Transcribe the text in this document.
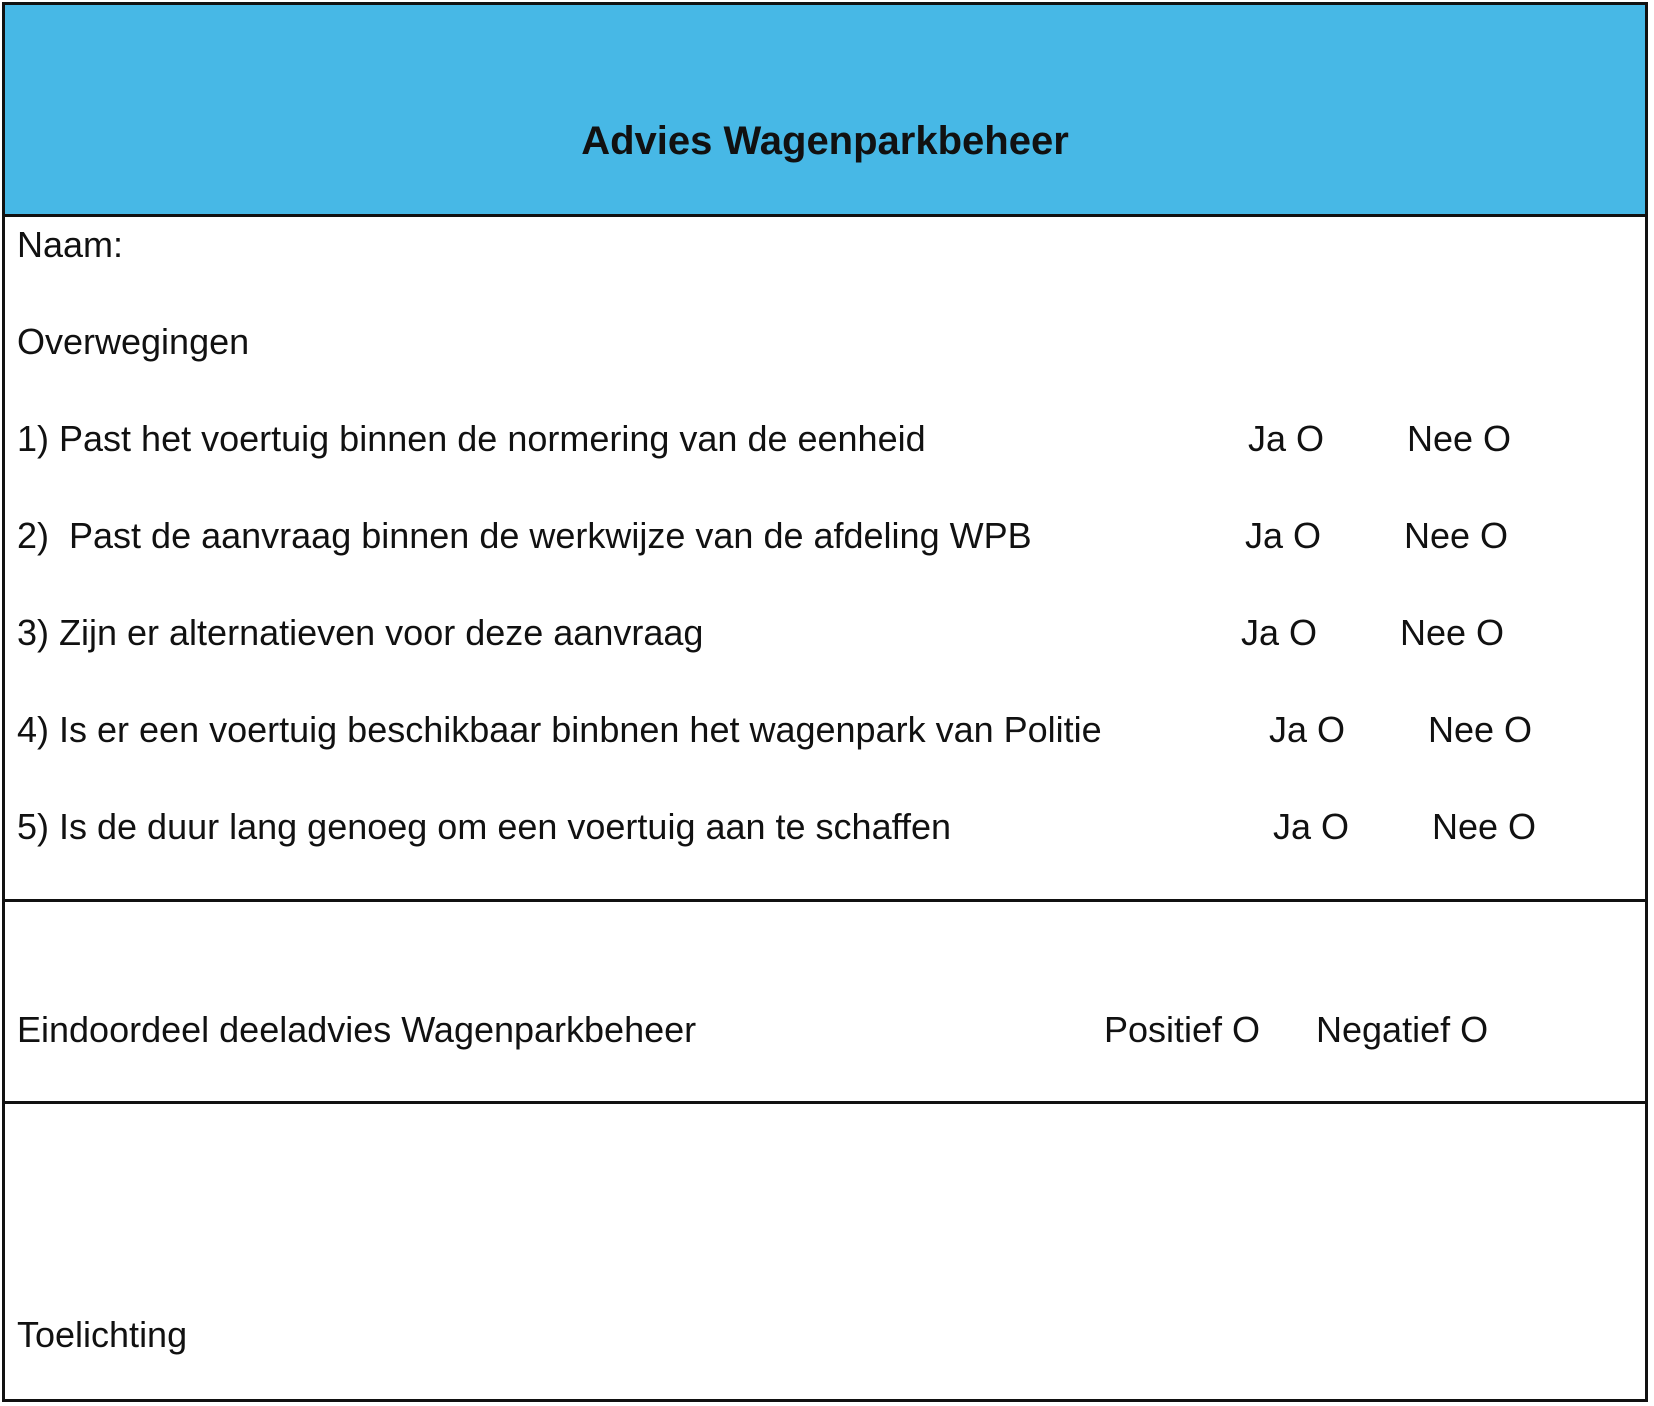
Advies Wagenparkbeheer
Naam:
Overwegingen
1) Past het voertuig binnen de normering van de eenheid	Ja O Nee O
2)  Past de aanvraag binnen de werkwijze van de afdeling WPB	Ja O Nee O
3) Zijn er alternatieven voor deze aanvraag	Ja O Nee O
4) Is er een voertuig beschikbaar binbnen het wagenpark van Politie	Ja O Nee O
5) Is de duur lang genoeg om een voertuig aan te schaffen	Ja O Nee O
Eindoordeel deeladvies Wagenparkbeheer	Positief O Negatief O
Toelichting
